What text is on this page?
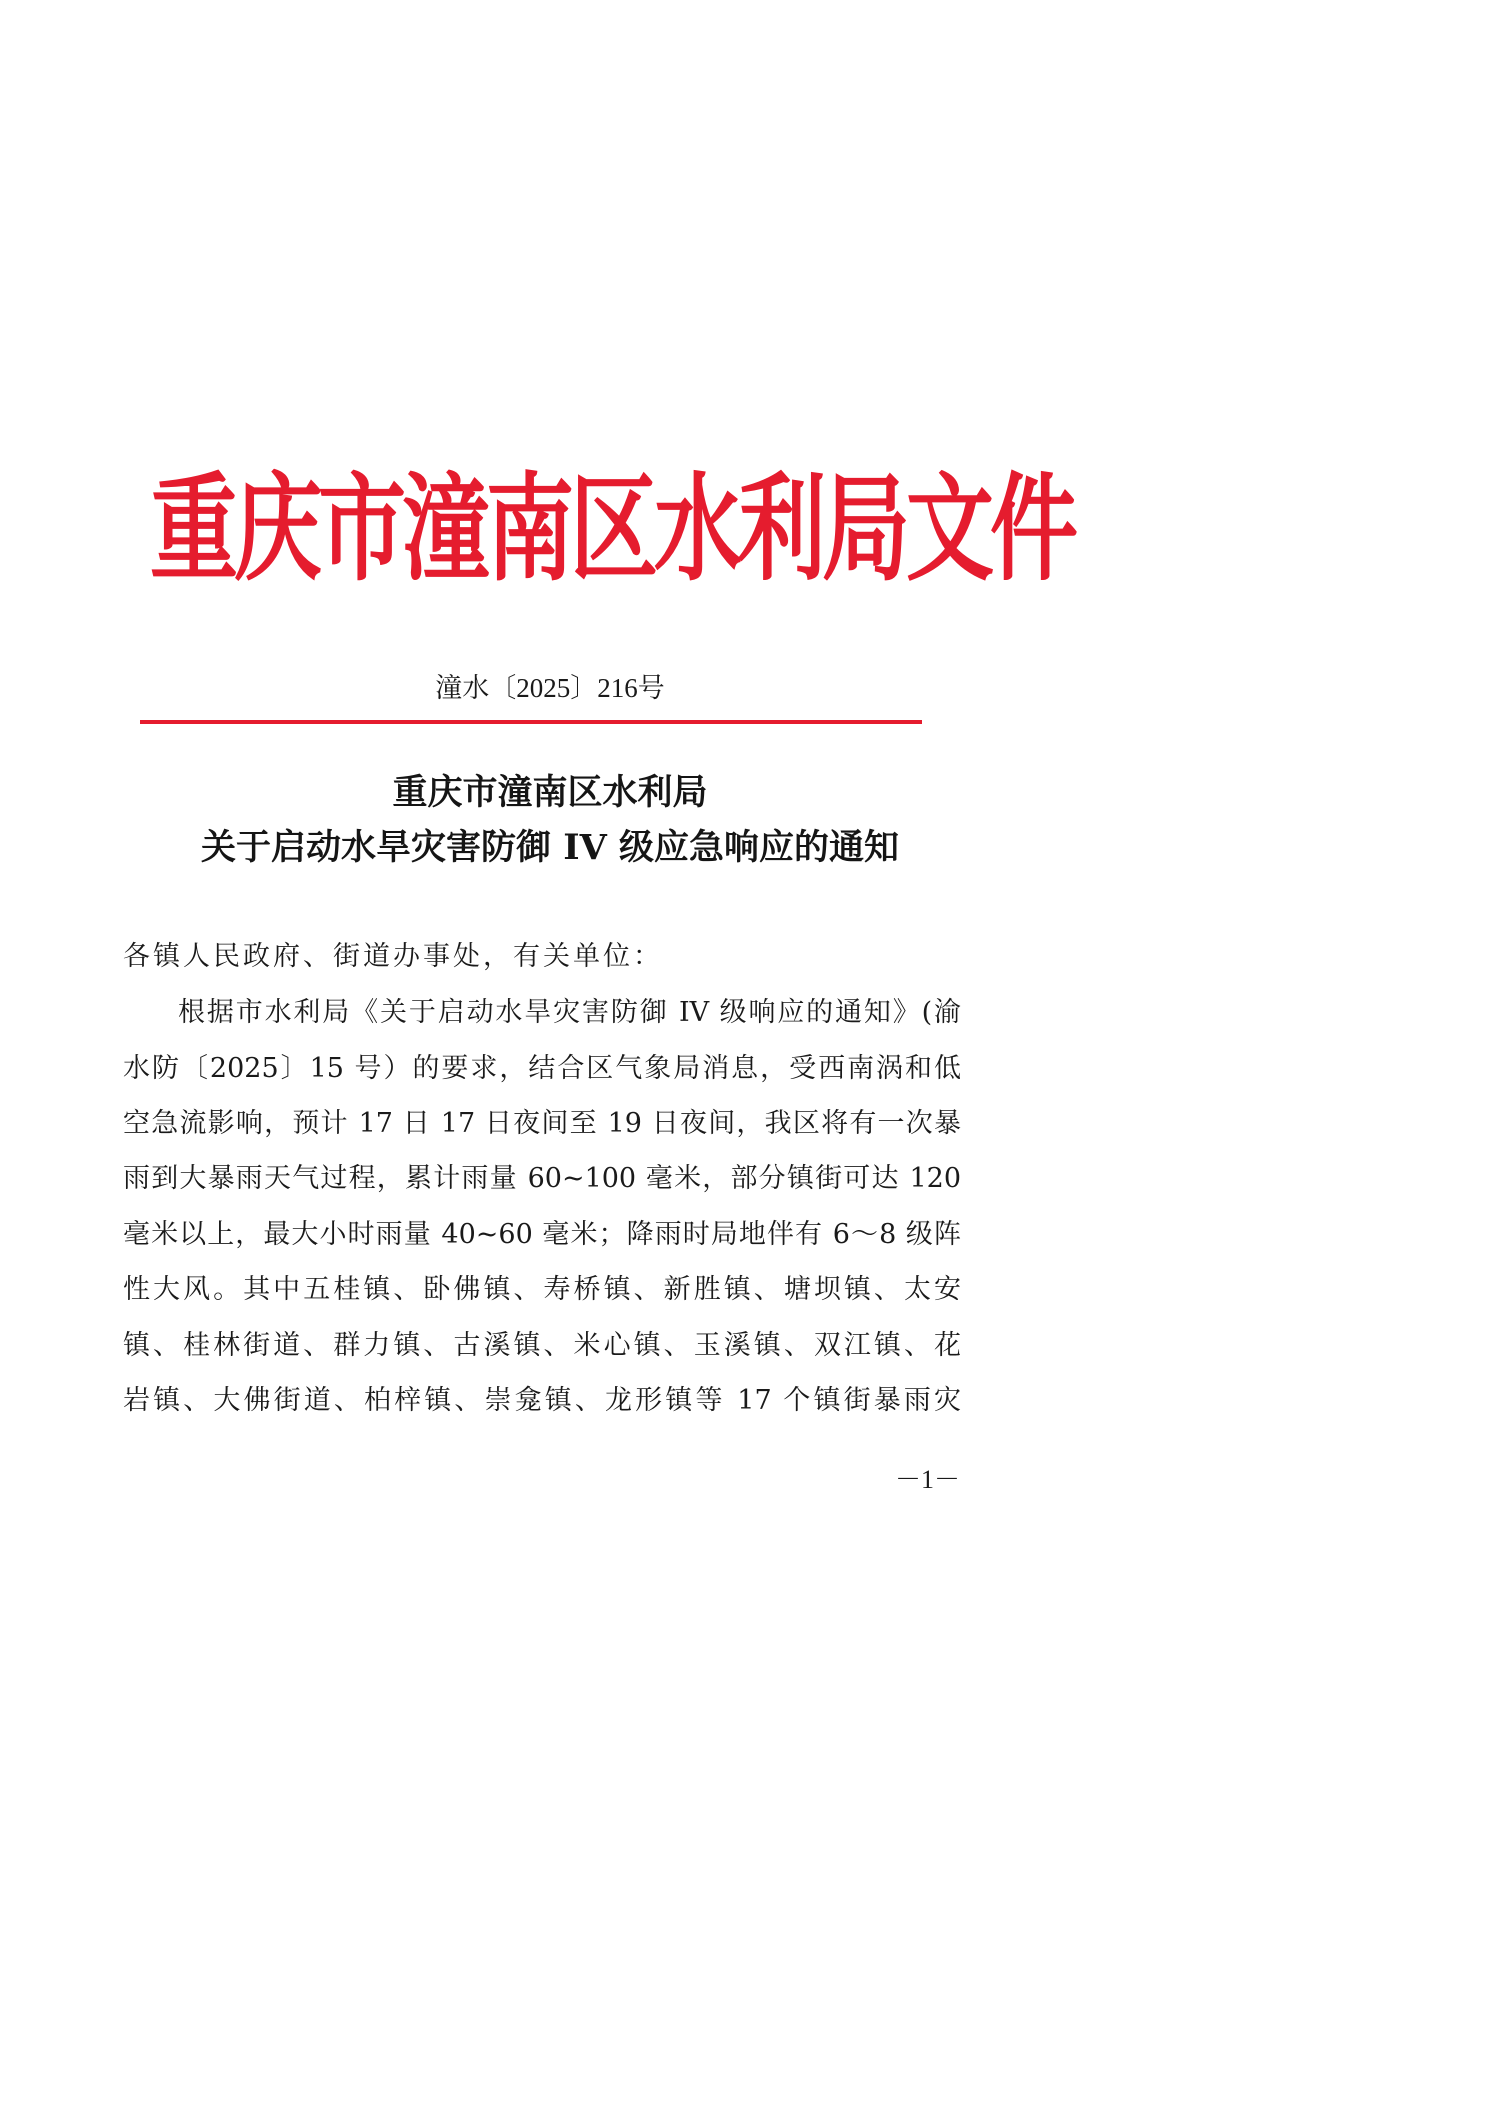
重庆市潼南区水利局文件
潼水〔2025〕216号
重庆市潼南区水利局
关于启动水旱灾害防御 IV 级应急响应的通知
各镇人民政府、街道办事处，有关单位：
根据市水利局《关于启动水旱灾害防御 IV 级响应的通知》(渝
水防〔2025〕15 号）的要求，结合区气象局消息，受西南涡和低
空急流影响，预计 17 日 17 日夜间至 19 日夜间，我区将有一次暴
雨到大暴雨天气过程，累计雨量 60~100 毫米，部分镇街可达 120
毫米以上，最大小时雨量 40~60 毫米；降雨时局地伴有 6～8 级阵
性大风。其中五桂镇、卧佛镇、寿桥镇、新胜镇、塘坝镇、太安
镇、桂林街道、群力镇、古溪镇、米心镇、玉溪镇、双江镇、花
岩镇、大佛街道、柏梓镇、崇龛镇、龙形镇等 17 个镇街暴雨灾
－1－
